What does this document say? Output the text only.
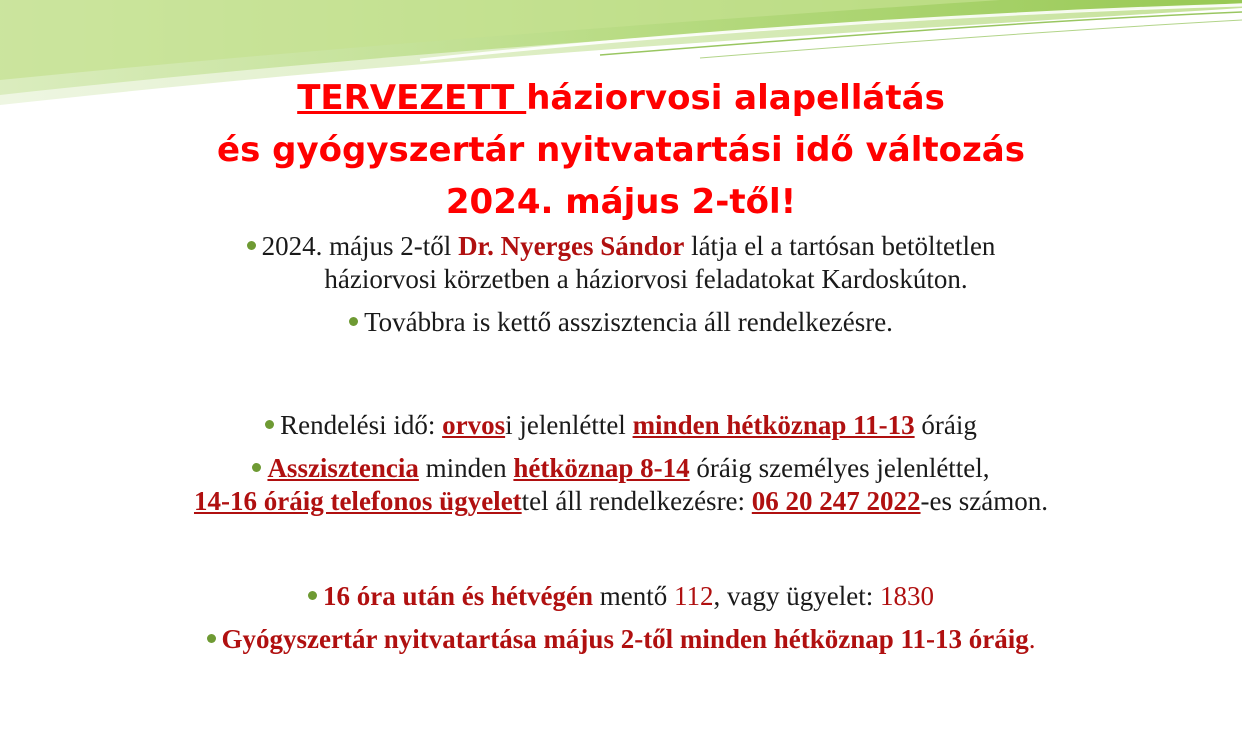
TERVEZETT háziorvosi alapellátás
és gyógyszertár nyitvatartási idő változás
2024. május 2-től!

2024. május 2-től Dr. Nyerges Sándor látja el a tartósan betöltetlen
háziorvosi körzetben a háziorvosi feladatokat Kardoskúton.

Továbbra is kettő asszisztencia áll rendelkezésre.

Rendelési idő: orvosi jelenléttel minden hétköznap 11-13 óráig

Asszisztencia minden hétköznap 8-14 óráig személyes jelenléttel,
14-16 óráig telefonos ügyelettel áll rendelkezésre: 06 20 247 2022-es számon.

16 óra után és hétvégén mentő 112, vagy ügyelet: 1830

Gyógyszertár nyitvatartása május 2-től minden hétköznap 11-13 óráig.
